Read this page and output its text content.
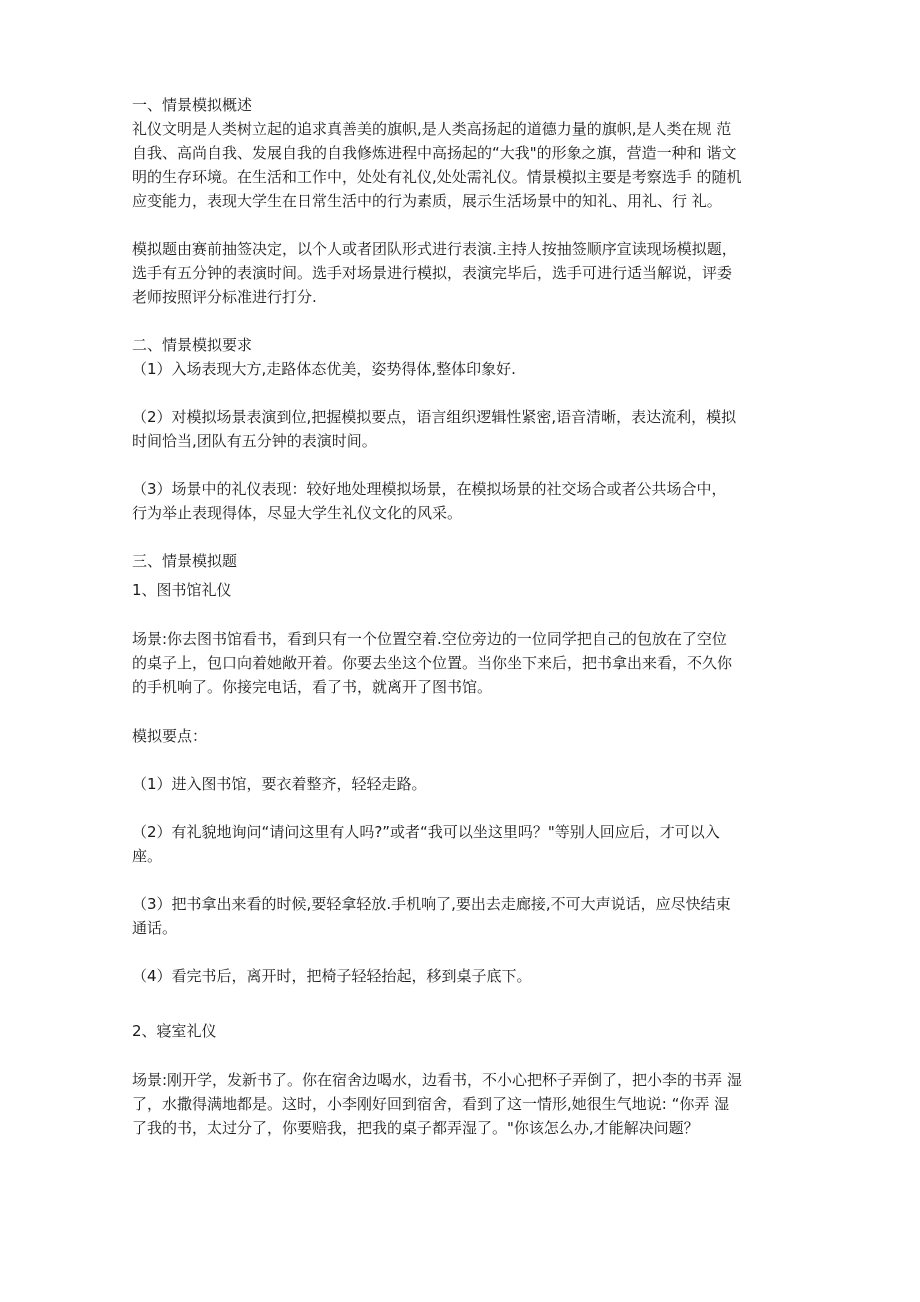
一、情景模拟概述
礼仪文明是人类树立起的追求真善美的旗帜,是人类高扬起的道德力量的旗帜,是人类在规 范
自我、高尚自我、发展自我的自我修炼进程中高扬起的“大我"的形象之旗，营造一种和 谐文
明的生存环境。在生活和工作中，处处有礼仪,处处需礼仪。情景模拟主要是考察选手 的随机
应变能力，表现大学生在日常生活中的行为素质，展示生活场景中的知礼、用礼、行 礼。
模拟题由赛前抽签决定，以个人或者团队形式进行表演.主持人按抽签顺序宣读现场模拟题，
选手有五分钟的表演时间。选手对场景进行模拟，表演完毕后，选手可进行适当解说，评委
老师按照评分标准进行打分.
二、情景模拟要求
（1）入场表现大方,走路体态优美，姿势得体,整体印象好.
（2）对模拟场景表演到位,把握模拟要点，语言组织逻辑性紧密,语音清晰，表达流利，模拟
时间恰当,团队有五分钟的表演时间。
（3）场景中的礼仪表现：较好地处理模拟场景，在模拟场景的社交场合或者公共场合中，
行为举止表现得体，尽显大学生礼仪文化的风采。
三、情景模拟题
1、图书馆礼仪
场景:你去图书馆看书，看到只有一个位置空着.空位旁边的一位同学把自己的包放在了空位
的桌子上，包口向着她敞开着。你要去坐这个位置。当你坐下来后，把书拿出来看，不久你
的手机响了。你接完电话，看了书，就离开了图书馆。
模拟要点：
（1）进入图书馆，要衣着整齐，轻轻走路。
（2）有礼貌地询问“请问这里有人吗?”或者“我可以坐这里吗？"等别人回应后，才可以入
座。
（3）把书拿出来看的时候,要轻拿轻放.手机响了,要出去走廊接,不可大声说话，应尽快结束
通话。
（4）看完书后，离开时，把椅子轻轻抬起，移到桌子底下。
2、寝室礼仪
场景:刚开学，发新书了。你在宿舍边喝水，边看书，不小心把杯子弄倒了，把小李的书弄 湿
了，水撒得满地都是。这时，小李刚好回到宿舍，看到了这一情形,她很生气地说: “你弄 湿
了我的书，太过分了，你要赔我，把我的桌子都弄湿了。"你该怎么办,才能解决问题？
